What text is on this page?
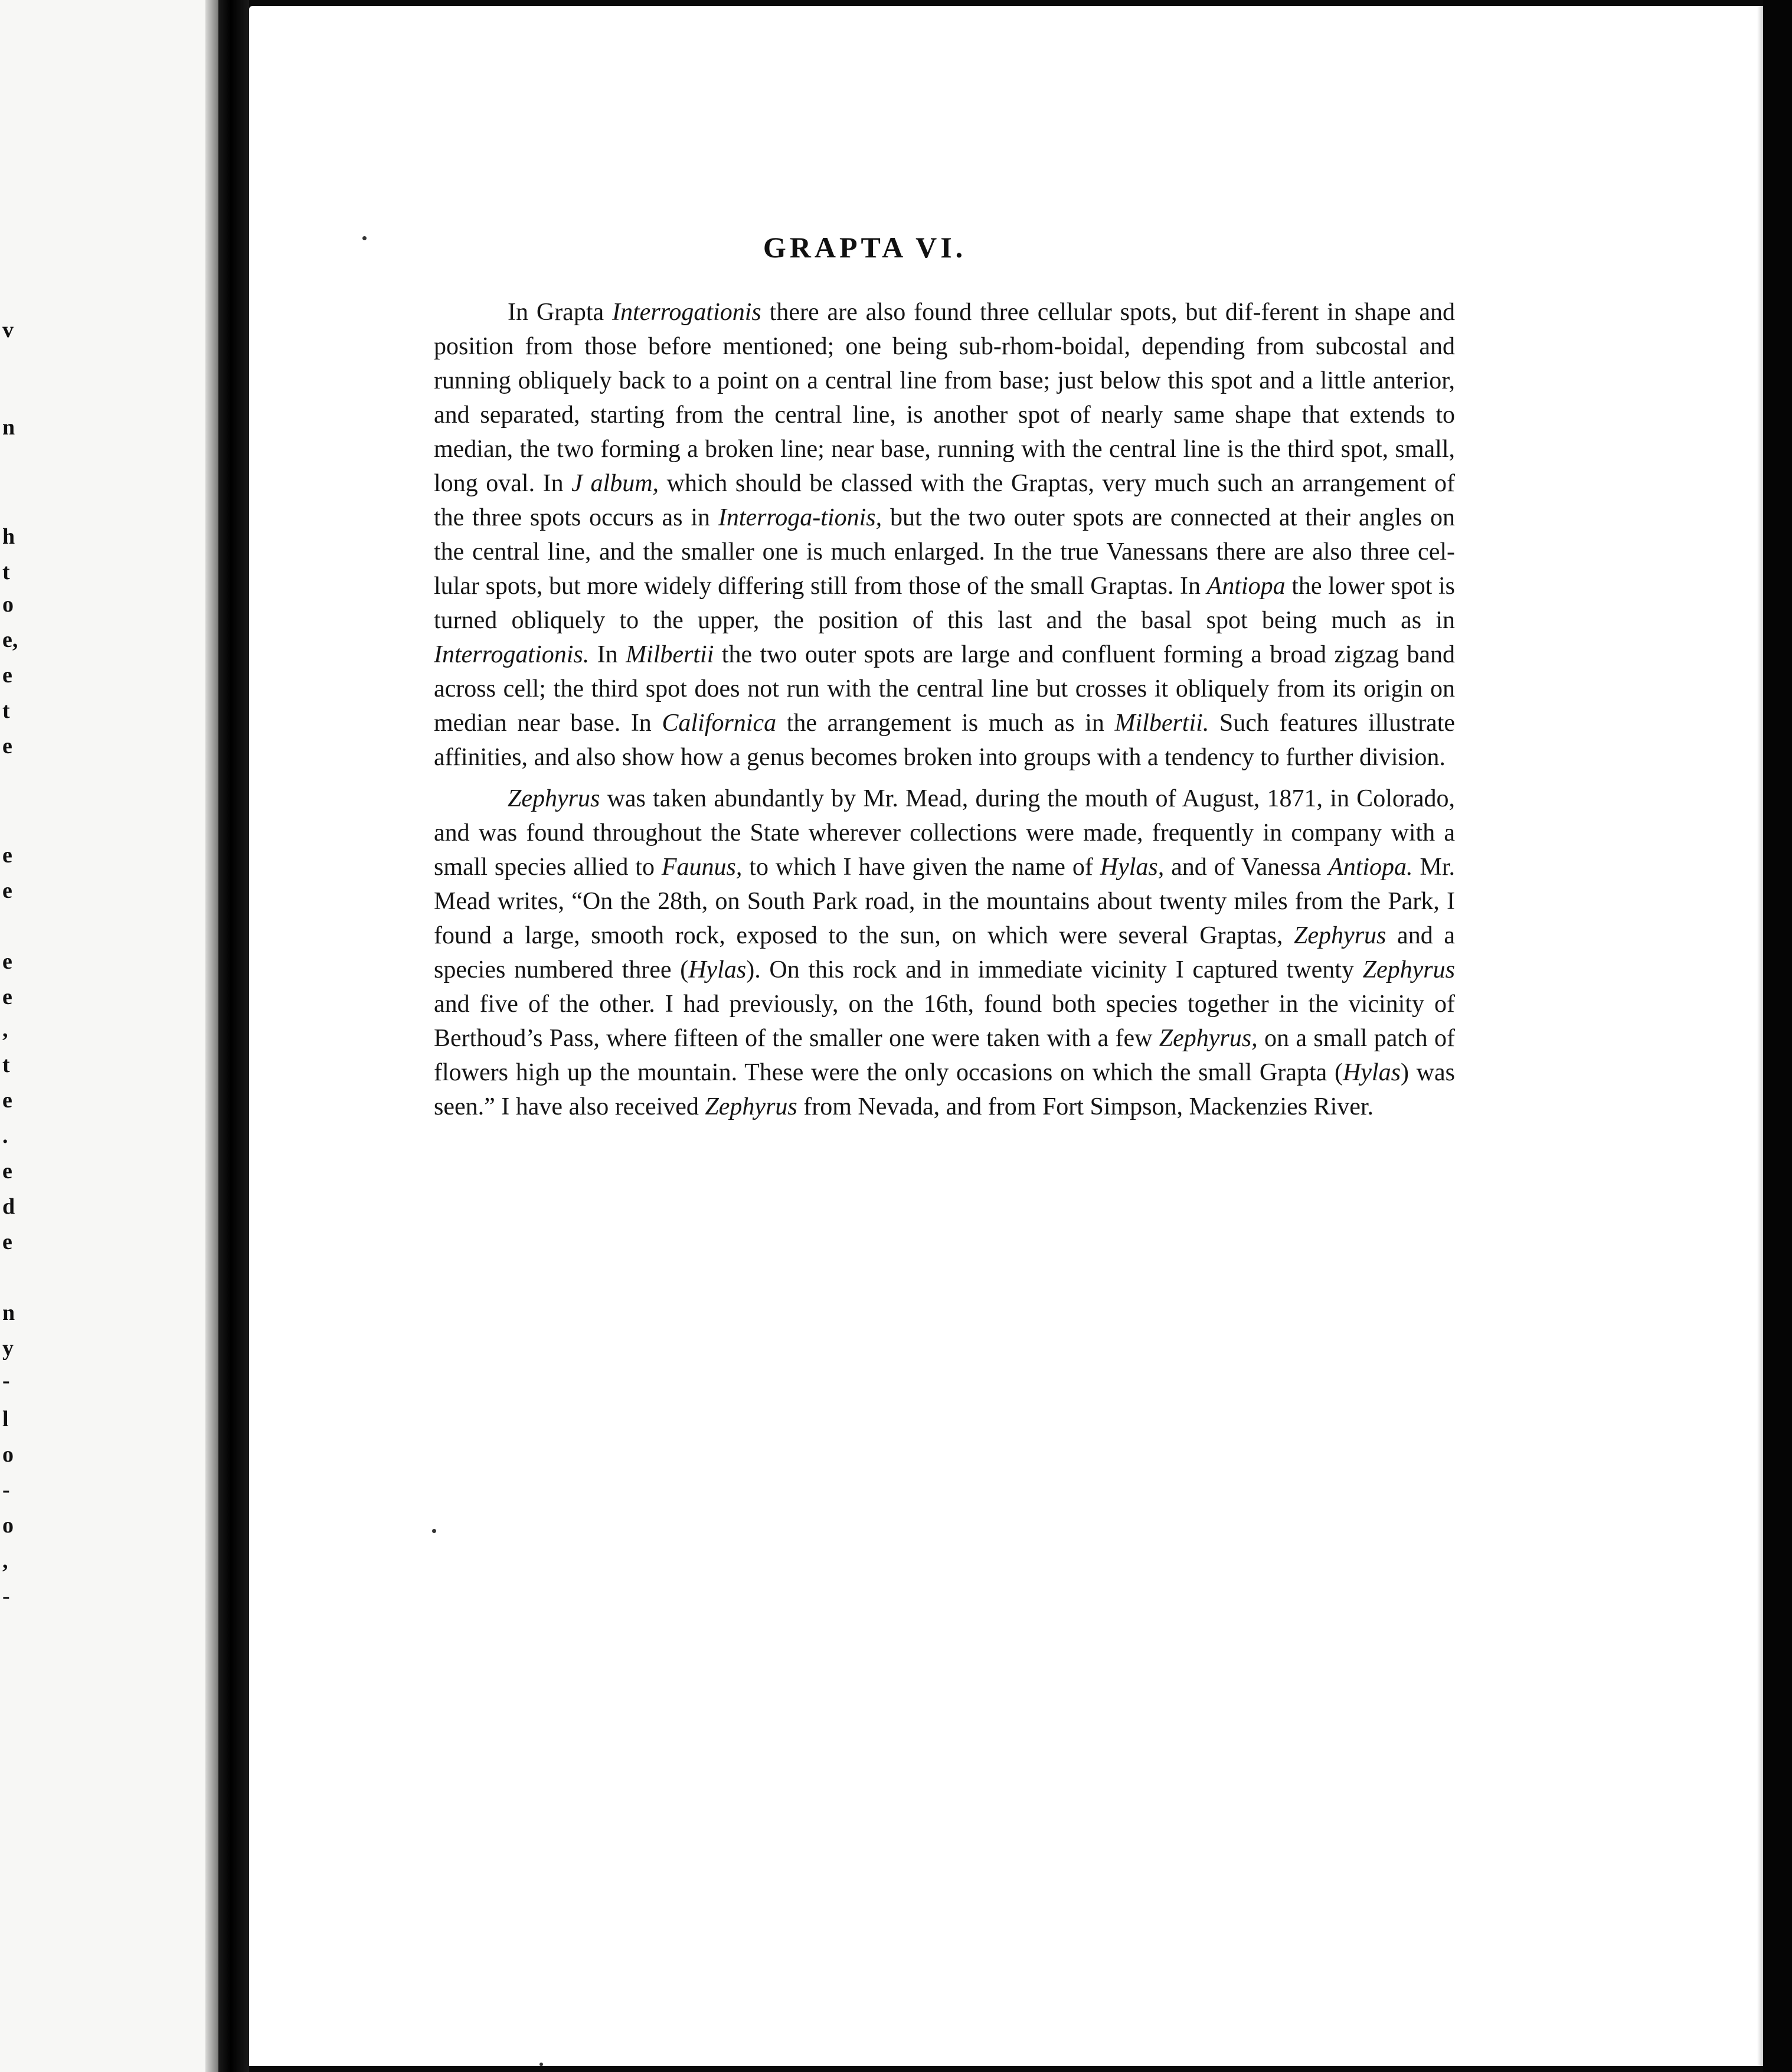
v
n
h
t
o
e,
e
t
e
e
e
e
e
,
t
e
.
e
d
e
n
y
-
l
o
-
o
,
-
GRAPTA VI.

In Grapta Interrogationis there are also found three cellular spots, but dif-ferent in shape and position from those before mentioned; one being sub-rhom-boidal, depending from subcostal and running obliquely back to a point on a central line from base; just below this spot and a little anterior, and separated, starting from the central line, is another spot of nearly same shape that extends to median, the two forming a broken line; near base, running with the central line is the third spot, small, long oval. In J album, which should be classed with the Graptas, very much such an arrangement of the three spots occurs as in Interroga-tionis, but the two outer spots are connected at their angles on the central line, and the smaller one is much enlarged. In the true Vanessans there are also three cel-lular spots, but more widely differing still from those of the small Graptas. In Antiopa the lower spot is turned obliquely to the upper, the position of this last and the basal spot being much as in Interrogationis. In Milbertii the two outer spots are large and confluent forming a broad zigzag band across cell; the third spot does not run with the central line but crosses it obliquely from its origin on median near base. In Californica the arrangement is much as in Milbertii. Such features illustrate affinities, and also show how a genus becomes broken into groups with a tendency to further division.

Zephyrus was taken abundantly by Mr. Mead, during the mouth of August, 1871, in Colorado, and was found throughout the State wherever collections were made, frequently in company with a small species allied to Faunus, to which I have given the name of Hylas, and of Vanessa Antiopa. Mr. Mead writes, “On the 28th, on South Park road, in the mountains about twenty miles from the Park, I found a large, smooth rock, exposed to the sun, on which were several Graptas, Zephyrus and a species numbered three (Hylas). On this rock and in immediate vicinity I captured twenty Zephyrus and five of the other. I had previously, on the 16th, found both species together in the vicinity of Berthoud’s Pass, where fifteen of the smaller one were taken with a few Zephyrus, on a small patch of flowers high up the mountain. These were the only occasions on which the small Grapta (Hylas) was seen.” I have also received Zephyrus from Nevada, and from Fort Simpson, Mackenzies River.
